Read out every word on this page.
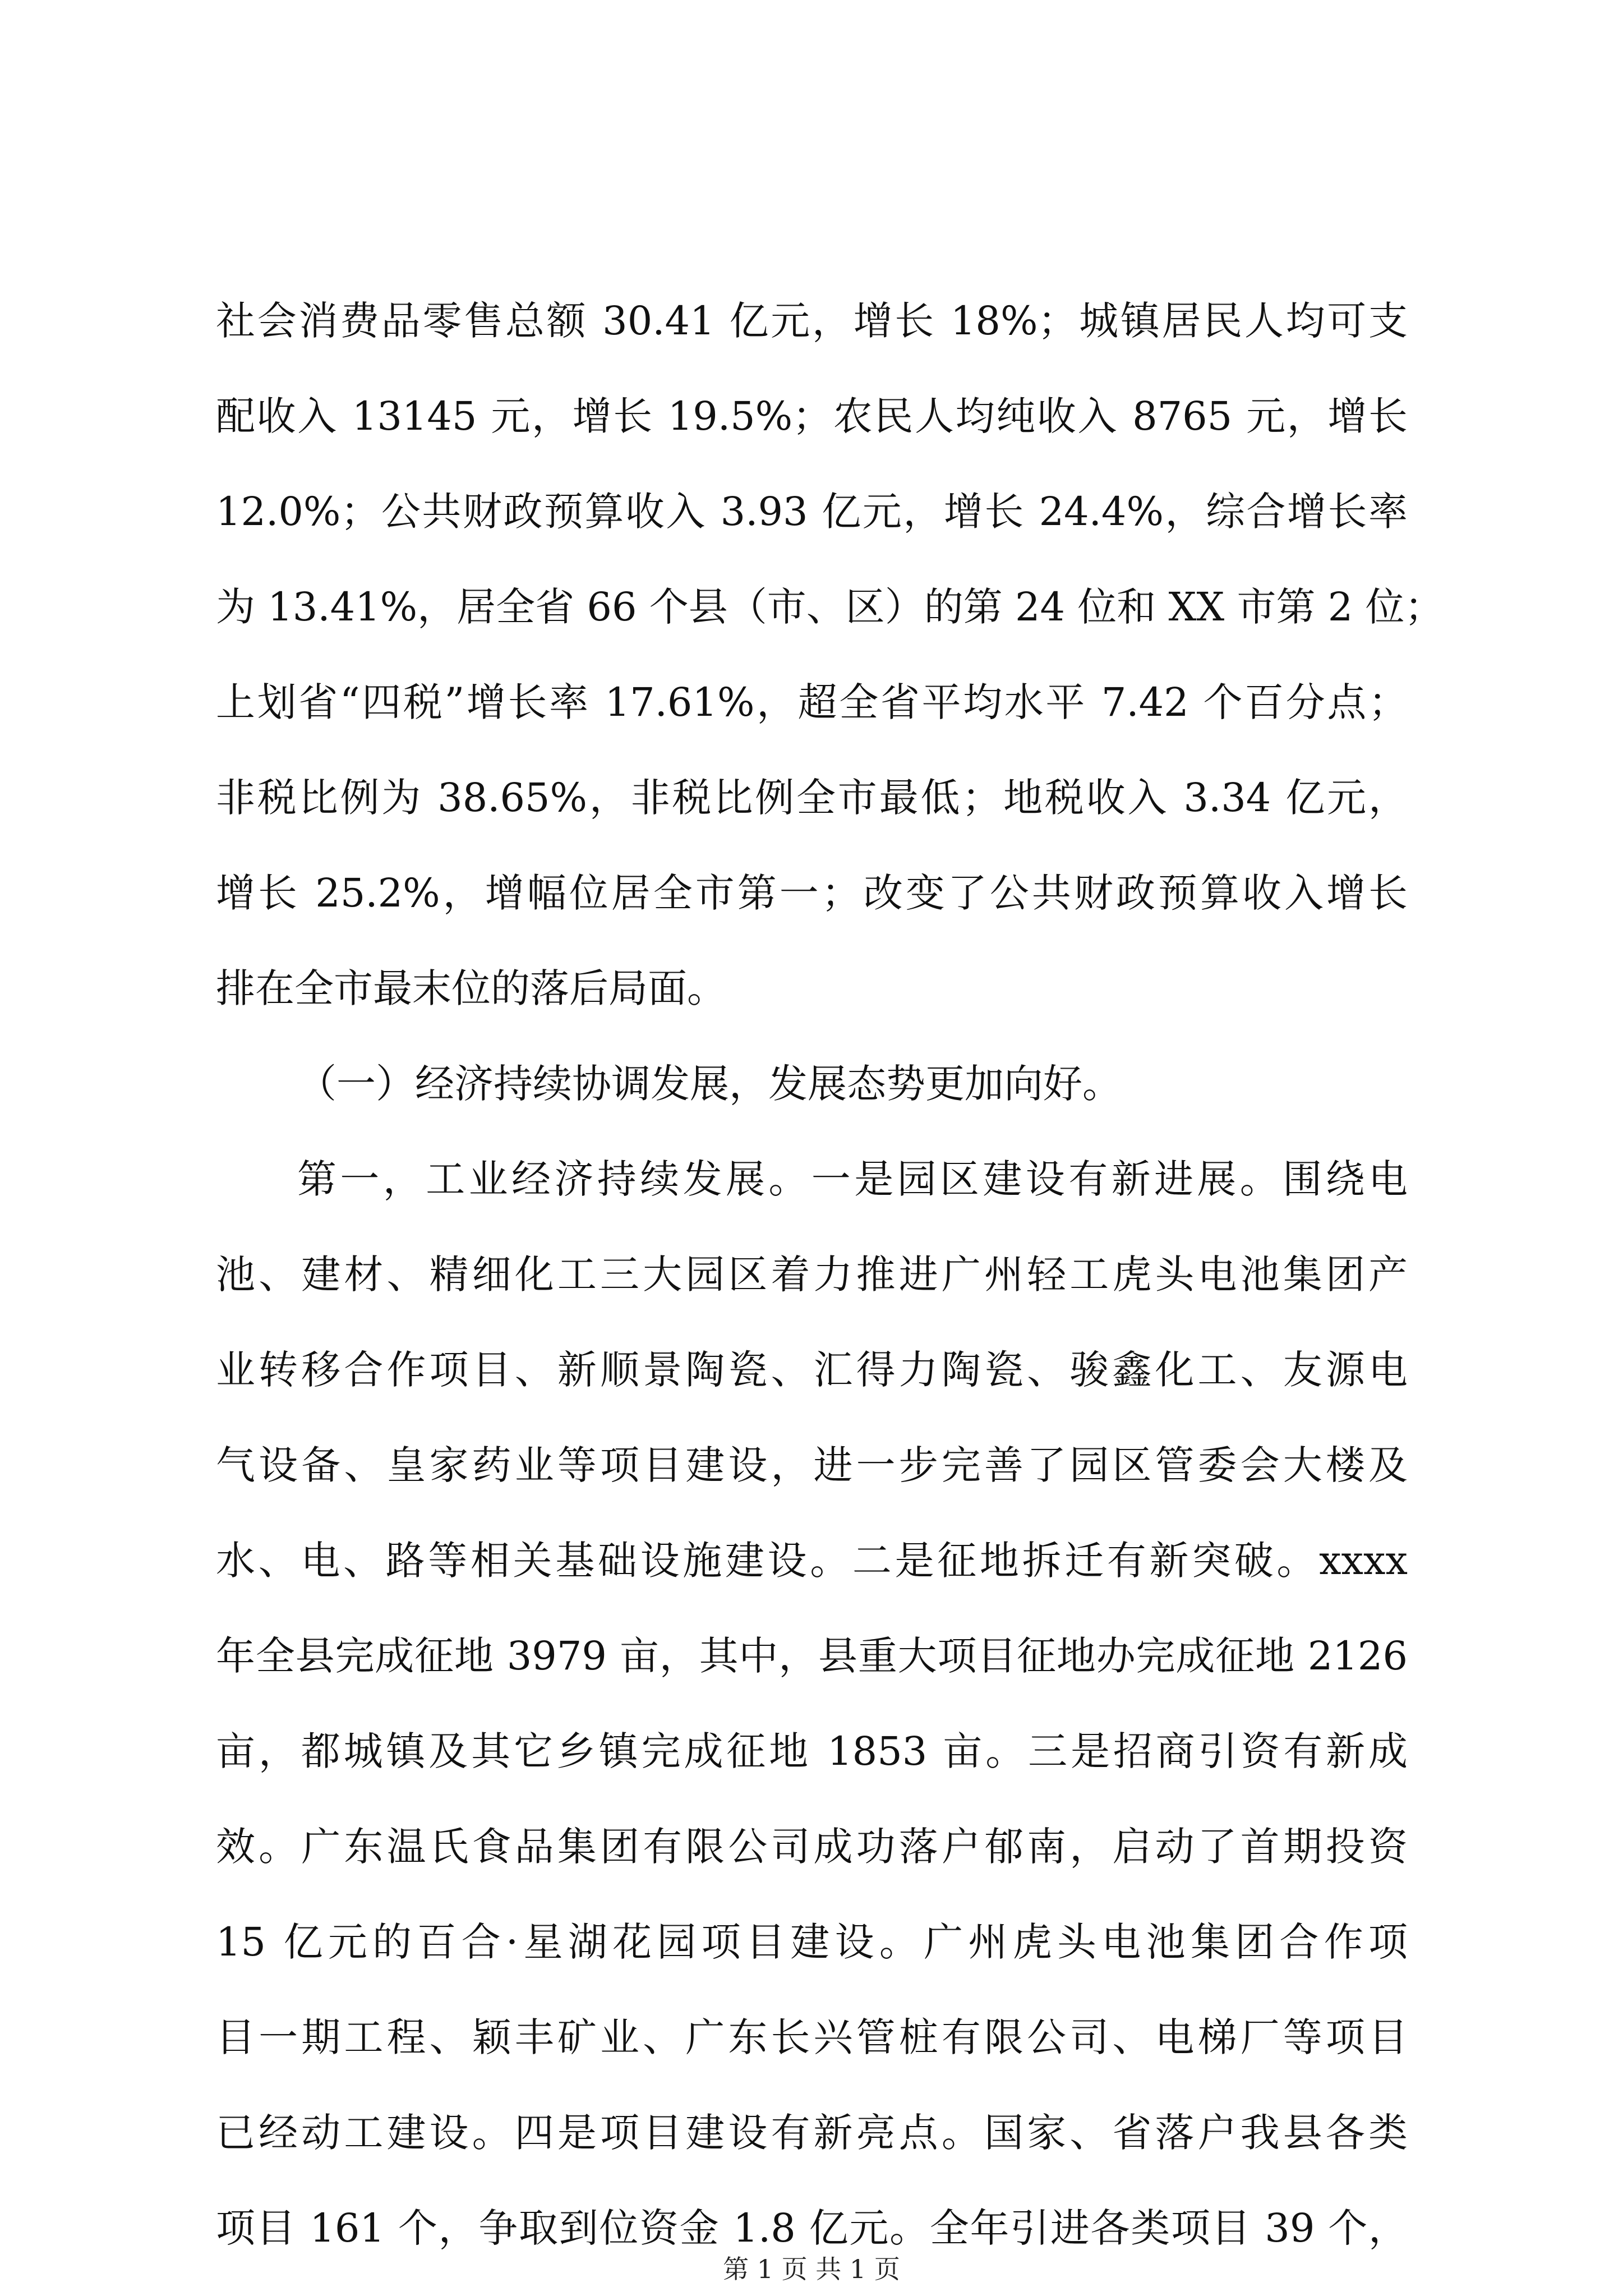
社会消费品零售总额 30.41 亿元，增长 18%；城镇居民人均可支
配收入 13145 元，增长 19.5%；农民人均纯收入 8765 元，增长
12.0%；公共财政预算收入 3.93 亿元，增长 24.4%，综合增长率
为 13.41%，居全省 66 个县（市、区）的第 24 位和 XX 市第 2 位；
上划省“四税”增长率 17.61%，超全省平均水平 7.42 个百分点；
非税比例为 38.65%，非税比例全市最低；地税收入 3.34 亿元，
增长 25.2%，增幅位居全市第一；改变了公共财政预算收入增长
排在全市最末位的落后局面。
（一）经济持续协调发展，发展态势更加向好。
第一，工业经济持续发展。一是园区建设有新进展。围绕电
池、建材、精细化工三大园区着力推进广州轻工虎头电池集团产
业转移合作项目、新顺景陶瓷、汇得力陶瓷、骏鑫化工、友源电
气设备、皇家药业等项目建设，进一步完善了园区管委会大楼及
水、电、路等相关基础设施建设。二是征地拆迁有新突破。xxxx
年全县完成征地 3979 亩，其中，县重大项目征地办完成征地 2126
亩，都城镇及其它乡镇完成征地 1853 亩。三是招商引资有新成
效。广东温氏食品集团有限公司成功落户郁南，启动了首期投资
15 亿元的百合·星湖花园项目建设。广州虎头电池集团合作项
目一期工程、颖丰矿业、广东长兴管桩有限公司、电梯厂等项目
已经动工建设。四是项目建设有新亮点。国家、省落户我县各类
项目 161 个，争取到位资金 1.8 亿元。全年引进各类项目 39 个，
第 1 页 共 1 页
